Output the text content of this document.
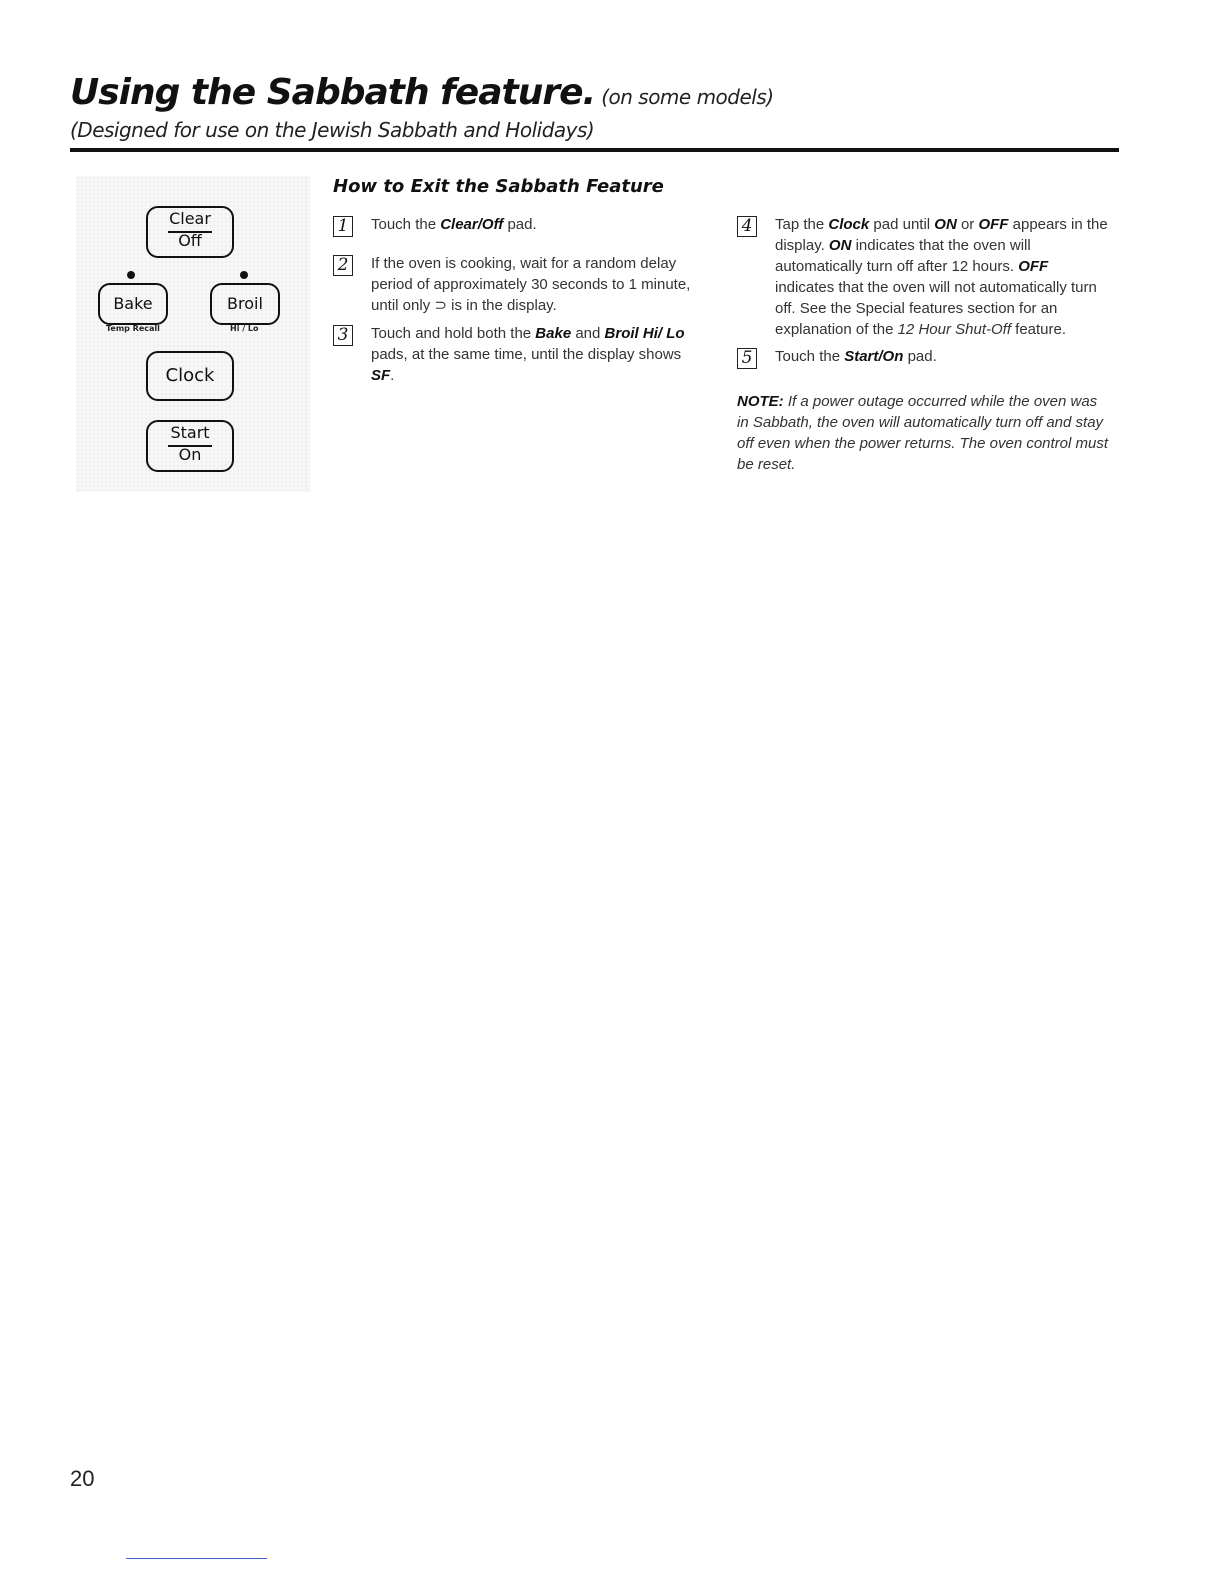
Using the Sabbath feature. (on some models)
(Designed for use on the Jewish Sabbath and Holidays)
Clear
Off
Bake
Temp Recall
Broil
Hi / Lo
Clock
Start
On
How to Exit the Sabbath Feature
1	Touch the Clear/Off pad.
2	If the oven is cooking, wait for a random delay period of approximately 30 seconds to 1 minute, until only ⊃ is in the display.
3	Touch and hold both the Bake and Broil Hi/ Lo pads, at the same time, until the display shows SF.
4	Tap the Clock pad until ON or OFF appears in the display. ON indicates that the oven will automatically turn off after 12 hours. OFF indicates that the oven will not automatically turn off. See the Special features section for an explanation of the 12 Hour Shut-Off feature.
5	Touch the Start/On pad.
NOTE: If a power outage occurred while the oven was in Sabbath, the oven will automatically turn off and stay off even when the power returns. The oven control must be reset.
20
